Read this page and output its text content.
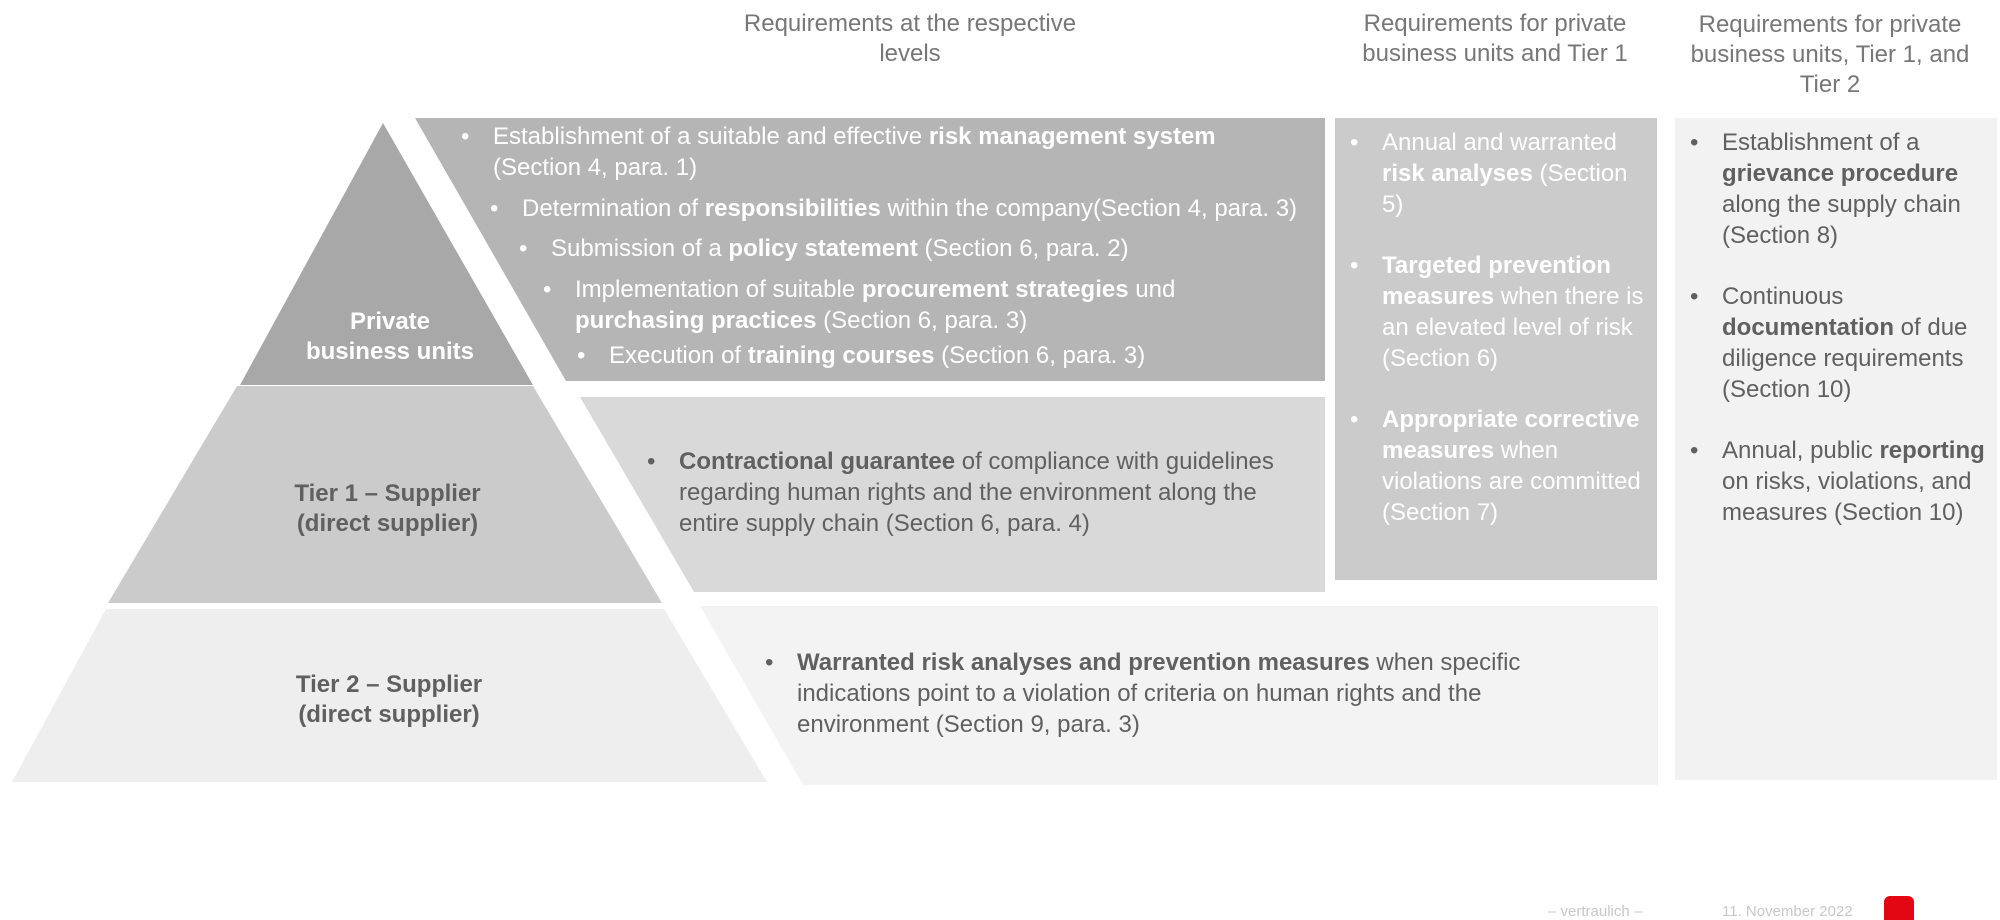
Requirements at the respective levels
Requirements for private business units and Tier 1
Requirements for private business units, Tier 1, and Tier 2
Private business units
Tier 1 – Supplier
(direct supplier)
Tier 2 – Supplier
(direct supplier)
• Establishment of a suitable and effective risk management system (Section 4, para. 1)
• Determination of responsibilities within the company(Section 4, para. 3)
• Submission of a policy statement (Section 6, para. 2)
• Implementation of suitable procurement strategies und purchasing practices (Section 6, para. 3)
• Execution of training courses (Section 6, para. 3)
• Contractional guarantee of compliance with guidelines regarding human rights and the environment along the entire supply chain (Section 6, para. 4)
• Warranted risk analyses and prevention measures when specific indications point to a violation of criteria on human rights and the environment (Section 9, para. 3)
• Annual and warranted risk analyses (Section 5)
• Targeted prevention measures when there is an elevated level of risk (Section 6)
• Appropriate corrective measures when violations are committed (Section 7)
• Establishment of a grievance procedure along the supply chain (Section 8)
• Continuous documentation of due diligence requirements (Section 10)
• Annual, public reporting on risks, violations, and measures (Section 10)
– vertraulich –	11. November 2022
